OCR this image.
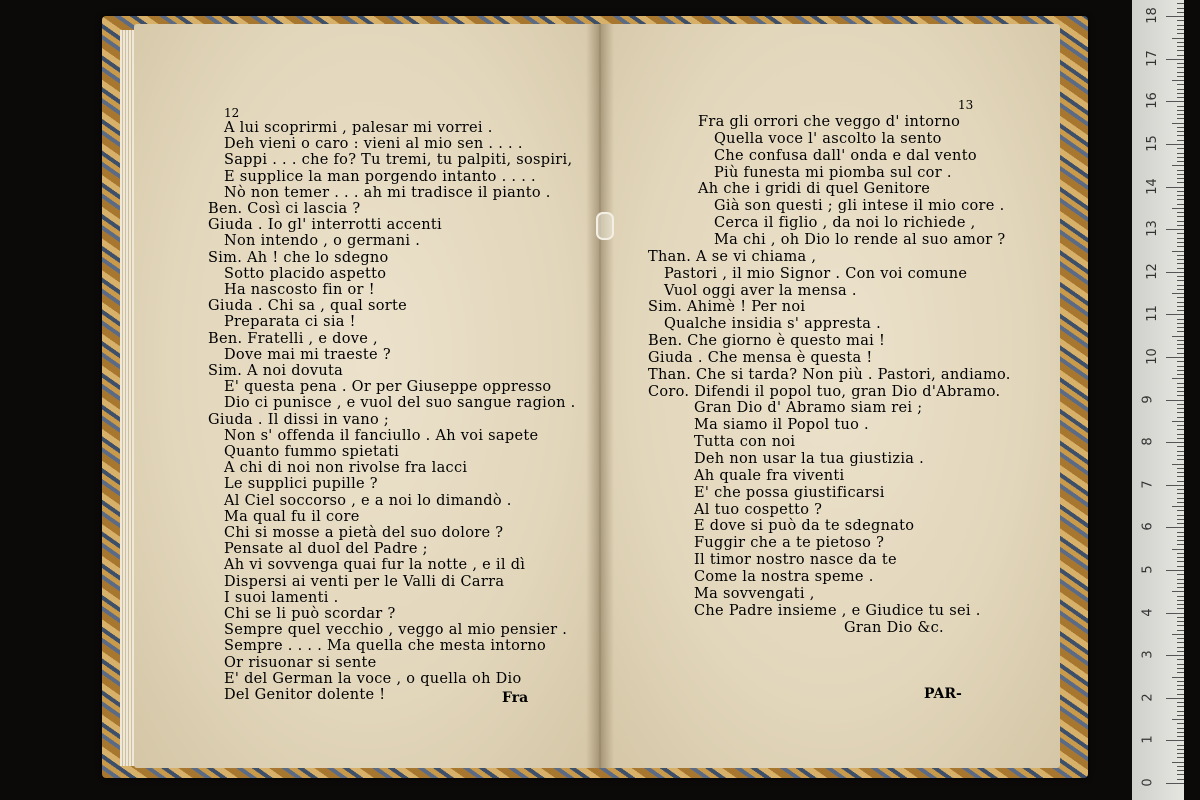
12
13
A lui scoprirmi , palesar mi vorrei .
Deh vieni o caro : vieni al mio sen . . . .
Sappi . . . che fo? Tu tremi, tu palpiti, sospiri,
E supplice la man porgendo intanto . . . .
Nò non temer . . . ah mi tradisce il pianto .
Ben. Così ci lascia ?
Giuda . Io gl' interrotti accenti
Non intendo , o germani .
Sim. Ah ! che lo sdegno
Sotto placido aspetto
Ha nascosto fin or !
Giuda . Chi sa , qual sorte
Preparata ci sia !
Ben. Fratelli , e dove ,
Dove mai mi traeste ?
Sim. A noi dovuta
E' questa pena . Or per Giuseppe oppresso
Dio ci punisce , e vuol del suo sangue ragion .
Giuda . Il dissi in vano ;
Non s' offenda il fanciullo . Ah voi sapete
Quanto fummo spietati
A chi di noi non rivolse fra lacci
Le supplici pupille ?
Al Ciel soccorso , e a noi lo dimandò .
Ma qual fu il core
Chi si mosse a pietà del suo dolore ?
Pensate al duol del Padre ;
Ah vi sovvenga quai fur la notte , e il dì
Dispersi ai venti per le Valli di Carra
I suoi lamenti .
Chi se li può scordar ?
Sempre quel vecchio , veggo al mio pensier .
Sempre . . . . Ma quella che mesta intorno
Or risuonar si sente
E' del German la voce , o quella oh Dio
Del Genitor dolente !
Fra gli orrori che veggo d' intorno
Quella voce l' ascolto la sento
Che confusa dall' onda e dal vento
Più funesta mi piomba sul cor .
Ah che i gridi di quel Genitore
Già son questi ; gli intese il mio core .
Cerca il figlio , da noi lo richiede ,
Ma chi , oh Dio lo rende al suo amor ?
Than. A se vi chiama ,
Pastori , il mio Signor . Con voi comune
Vuol oggi aver la mensa .
Sim. Ahimè ! Per noi
Qualche insidia s' appresta .
Ben. Che giorno è questo mai !
Giuda . Che mensa è questa !
Than. Che si tarda? Non più . Pastori, andiamo.
Coro. Difendi il popol tuo, gran Dio d'Abramo.
Gran Dio d' Abramo siam rei ;
Ma siamo il Popol tuo .
Tutta con noi
Deh non usar la tua giustizia .
Ah quale fra viventi
E' che possa giustificarsi
Al tuo cospetto ?
E dove si può da te sdegnato
Fuggir che a te pietoso ?
Il timor nostro nasce da te
Come la nostra speme .
Ma sovvengati ,
Che Padre insieme , e Giudice tu sei .
Gran Dio &c.
Fra	PAR-
0
1
2
3
4
5
6
7
8
9
10
11
12
13
14
15
16
17
18
